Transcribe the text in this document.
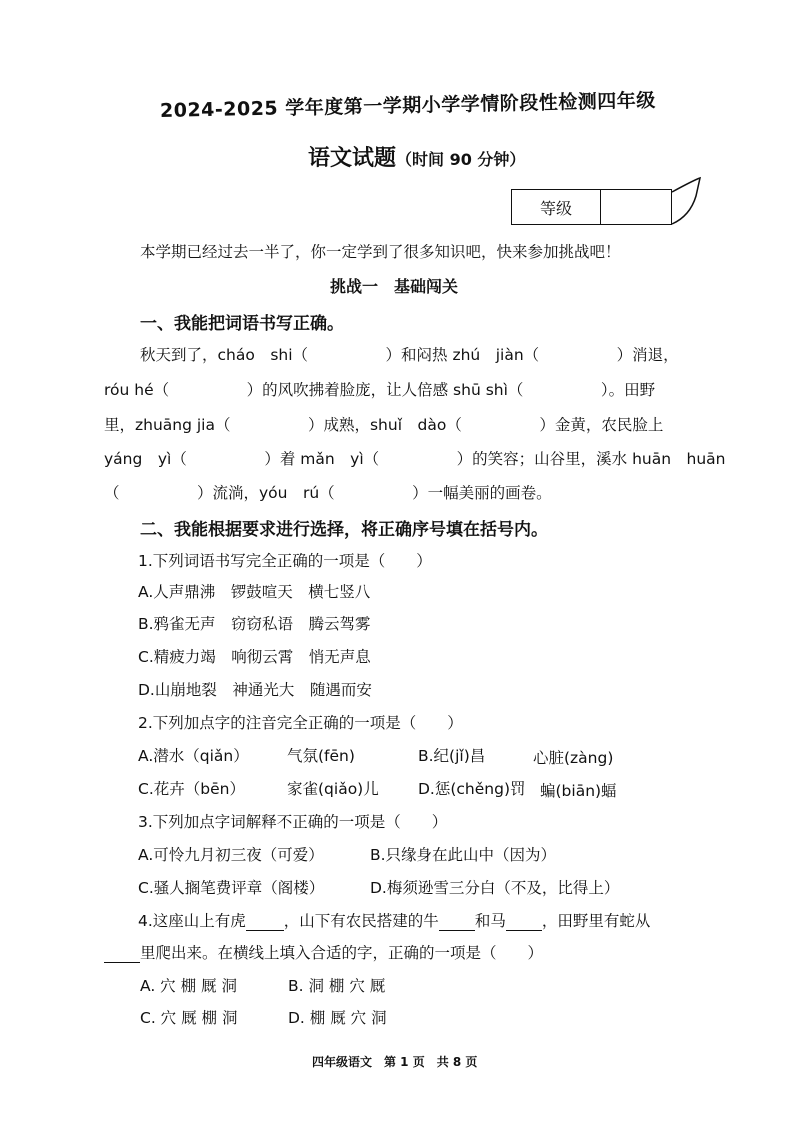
2024-2025 学年度第一学期小学学情阶段性检测四年级
语文试题（时间 90 分钟）
等级
本学期已经过去一半了，你一定学到了很多知识吧，快来参加挑战吧！
挑战一　基础闯关
一、我能把词语书写正确。
秋天到了，cháo　shi（　　　　　）和闷热 zhú　jiàn（　　　　　）消退，
róu hé（　　　　　）的风吹拂着脸庞，让人倍感 shū shì（　　　　　）。田野
里，zhuāng jia（　　　　　）成熟，shuǐ　dào（　　　　　）金黄，农民脸上
yáng　yì（　　　　　）着 mǎn　yì（　　　　　）的笑容；山谷里，溪水 huān　huān
（　　　　　）流淌，yóu　rú（　　　　　）一幅美丽的画卷。
二、我能根据要求进行选择，将正确序号填在括号内。
1.下列词语书写完全正确的一项是（　　）
A.人声鼎沸　锣鼓喧天　横七竖八
B.鸦雀无声　窃窃私语　腾云驾雾
C.精疲力竭　响彻云霄　悄无声息
D.山崩地裂　神通光大　随遇而安
2.下列加点字的注音完全正确的一项是（　　）
A.潜水（qiǎn） 气氛(fēn)	B.纪(jǐ)昌	心脏(zàng)
C.花卉（bēn）	家雀(qiǎo)儿	D.惩(chěng)罚 蝙(biān)蝠
3.下列加点字词解释不正确的一项是（　　）
A.可怜九月初三夜（可爱）	B.只缘身在此山中（因为）
C.骚人搁笔费评章（阁楼）	D.梅须逊雪三分白（不及，比得上）
4.这座山上有虎 ，山下有农民搭建的牛 和马 ，田野里有蛇从
里爬出来。在横线上填入合适的字，正确的一项是（　　）
A. 穴 棚 厩 洞	B. 洞 棚 穴 厩
C. 穴 厩 棚 洞	D. 棚 厩 穴 洞
四年级语文　第 1 页　共 8 页
